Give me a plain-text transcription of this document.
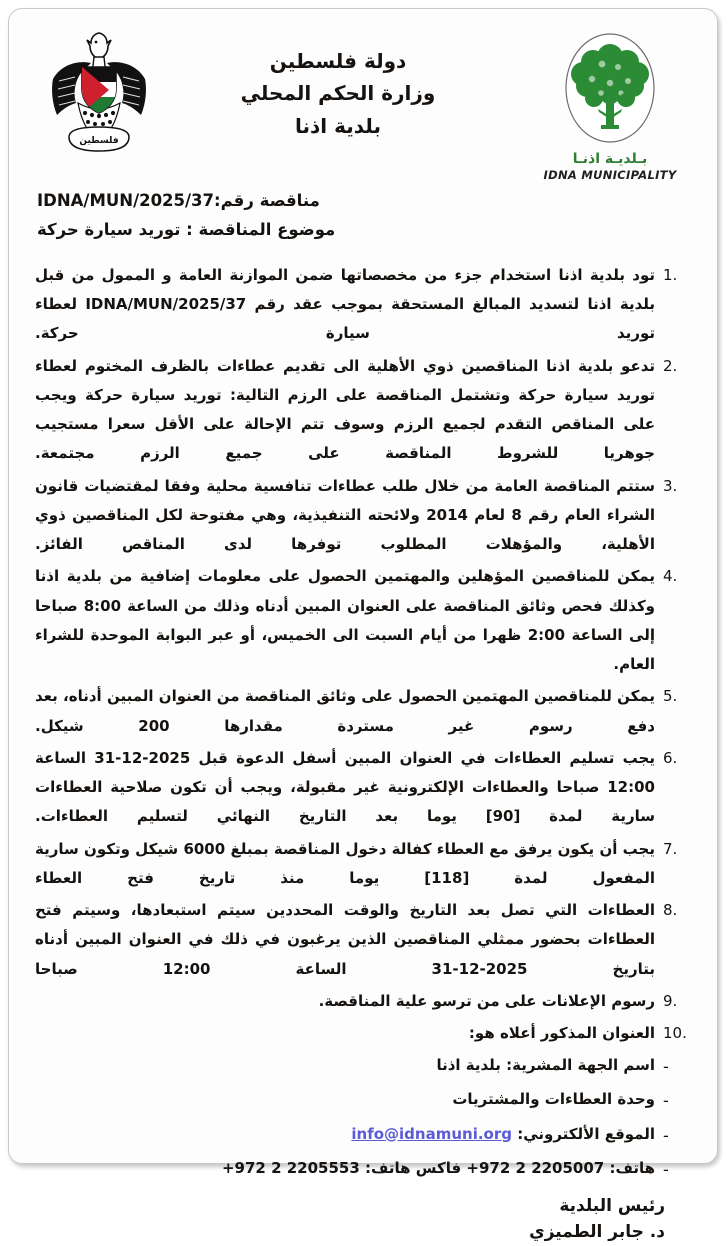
بـلديـة اذنـا
IDNA MUNICIPALITY
دولة فلسطين
وزارة الحكم المحلي
بلدية اذنا
فلسطين
مناقصة رقم:IDNA/MUN/2025/37
موضوع المناقصة : توريد سيارة حركة
1.
تود بلدية اذنا استخدام جزء من مخصصاتها ضمن الموازنة العامة و الممول من قبل بلدية اذنا لتسديد المبالغ المستحقة بموجب عقد رقم IDNA/MUN/2025/37 لعطاء توريد سيارة حركة.
2.
تدعو بلدية اذنا المناقصين ذوي الأهلية الى تقديم عطاءات بالظرف المختوم لعطاء توريد سيارة حركة وتشتمل المناقصة على الرزم التالية: توريد سيارة حركة ويجب على المناقص التقدم لجميع الرزم وسوف تتم الإحالة على الأقل سعرا مستجيب جوهريا للشروط المناقصة على جميع الرزم مجتمعة.
3.
ستتم المناقصة العامة من خلال طلب عطاءات تنافسية محلية وفقا لمقتضيات قانون الشراء العام رقم 8 لعام 2014 ولائحته التنفيذية، وهي مفتوحة لكل المناقصين ذوي الأهلية، والمؤهلات المطلوب توفرها لدى المناقص الفائز.
4.
يمكن للمناقصين المؤهلين والمهتمين الحصول على معلومات إضافية من بلدية اذنا وكذلك فحص وثائق المناقصة على العنوان المبين أدناه وذلك من الساعة 8:00 صباحا إلى الساعة 2:00 ظهرا من أيام السبت الى الخميس، أو عبر البوابة الموحدة للشراء العام.
5.
يمكن للمناقصين المهتمين الحصول على وثائق المناقصة من العنوان المبين أدناه، بعد دفع رسوم غير مستردة مقدارها 200 شيكل.
6.
يجب تسليم العطاءات في العنوان المبين أسفل الدعوة قبل 2025-12-31 الساعة 12:00 صباحا والعطاءات الإلكترونية غير مقبولة، ويجب أن تكون صلاحية العطاءات سارية لمدة [90] يوما بعد التاريخ النهائي لتسليم العطاءات.
7.
يجب أن يكون يرفق مع العطاء كفالة دخول المناقصة بمبلغ 6000 شيكل وتكون سارية المفعول لمدة [118] يوما منذ تاريخ فتح العطاء
8.
العطاءات التي تصل بعد التاريخ والوقت المحددين سيتم استبعادها، وسيتم فتح العطاءات بحضور ممثلي المناقصين الذين يرغبون في ذلك في العنوان المبين أدناه بتاريخ 2025-12-31 الساعة 12:00 صباحا
9.
رسوم الإعلانات على من ترسو علية المناقصة.
10.
العنوان المذكور أعلاه هو:
-
اسم الجهة المشرية: بلدية اذنا
-
وحدة العطاءات والمشتريات
-
الموقع الألكتروني: info@idnamuni.org
-
هاتف: 2205007 2 972+ فاكس هاتف: 2205553 2 972+
رئيس البلدية
د. جابر الطميزي
